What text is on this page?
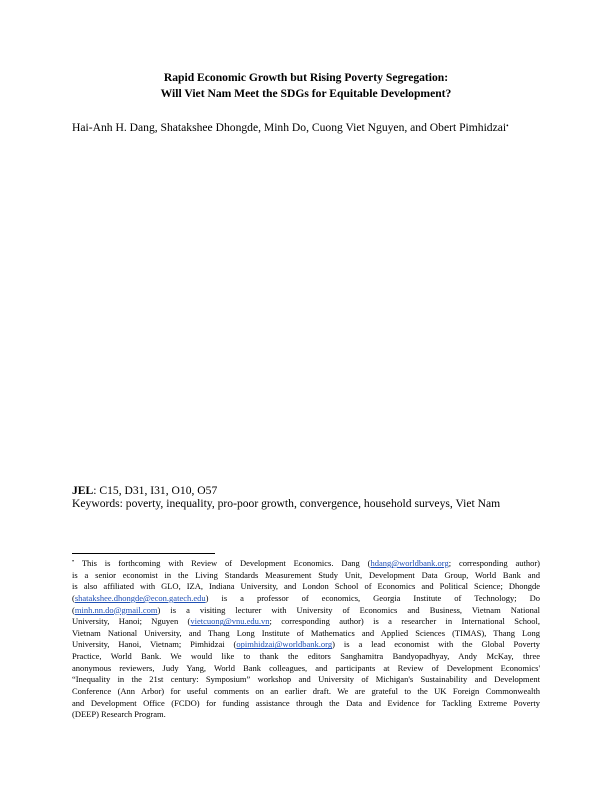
Rapid Economic Growth but Rising Poverty Segregation:
Will Viet Nam Meet the SDGs for Equitable Development?
Hai-Anh H. Dang, Shatakshee Dhongde, Minh Do, Cuong Viet Nguyen, and Obert Pimhidzai•
JEL: C15, D31, I31, O10, O57
Keywords: poverty, inequality, pro-poor growth, convergence, household surveys, Viet Nam
• This is forthcoming with Review of Development Economics. Dang (hdang@worldbank.org; corresponding author)
is a senior economist in the Living Standards Measurement Study Unit, Development Data Group, World Bank and
is also affiliated with GLO, IZA, Indiana University, and London School of Economics and Political Science; Dhongde
(shatakshee.dhongde@econ.gatech.edu) is a professor of economics, Georgia Institute of Technology; Do
(minh.nn.do@gmail.com) is a visiting lecturer with University of Economics and Business, Vietnam National
University, Hanoi; Nguyen (vietcuong@vnu.edu.vn; corresponding author) is a researcher in International School,
Vietnam National University, and Thang Long Institute of Mathematics and Applied Sciences (TIMAS), Thang Long
University, Hanoi, Vietnam; Pimhidzai (opimhidzai@worldbank.org) is a lead economist with the Global Poverty
Practice, World Bank. We would like to thank the editors Sanghamitra Bandyopadhyay, Andy McKay, three
anonymous reviewers, Judy Yang, World Bank colleagues, and participants at Review of Development Economics'
“Inequality in the 21st century: Symposium” workshop and University of Michigan's Sustainability and Development
Conference (Ann Arbor) for useful comments on an earlier draft. We are grateful to the UK Foreign Commonwealth
and Development Office (FCDO) for funding assistance through the Data and Evidence for Tackling Extreme Poverty
(DEEP) Research Program.
